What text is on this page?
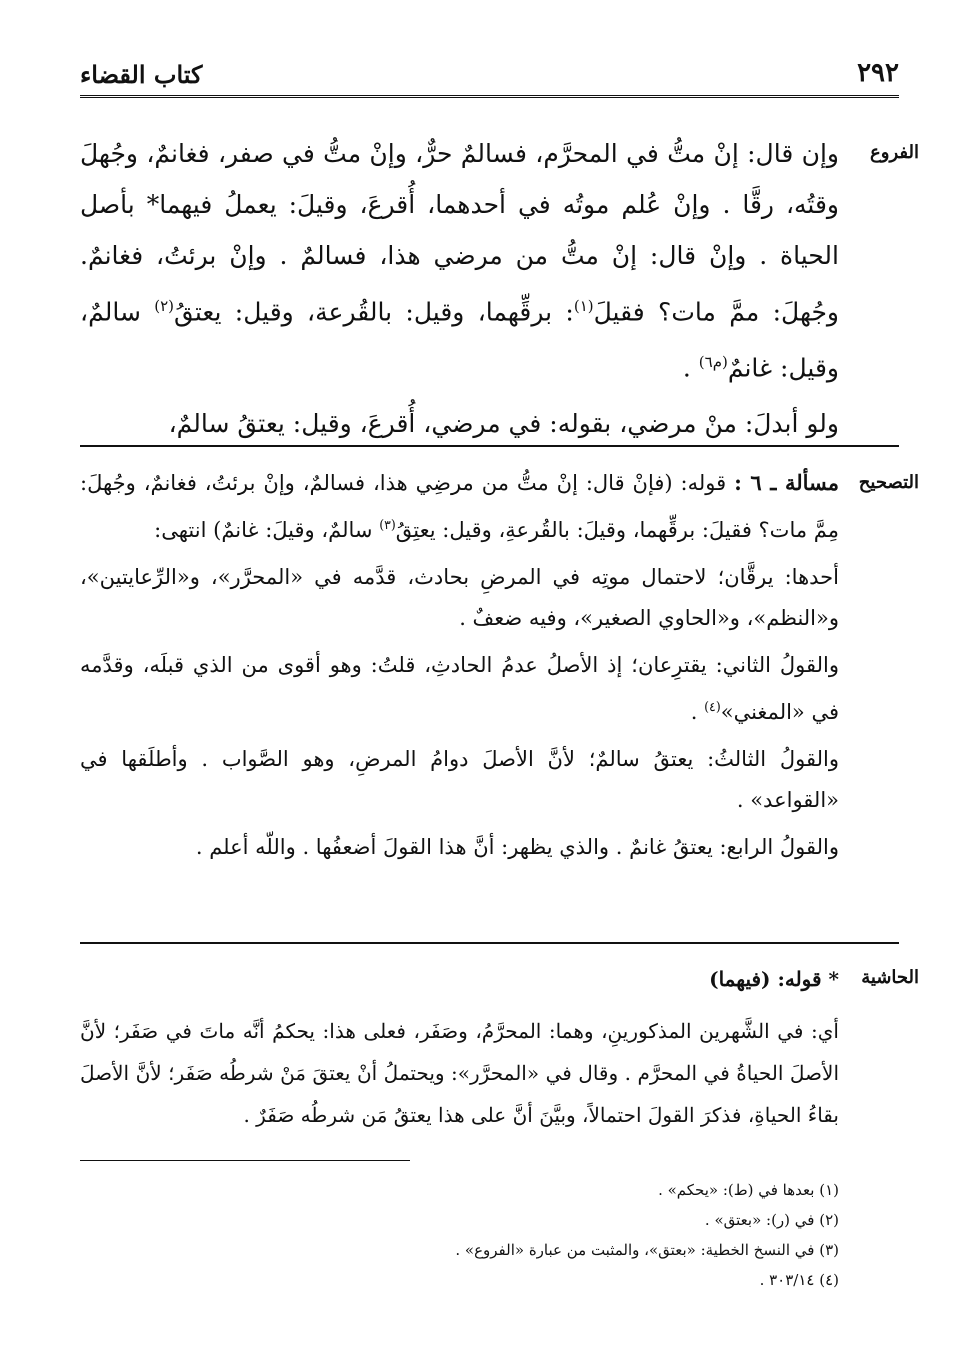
٢٩٢
كتاب القضاء
الفروع

وإن قال: إنْ متُّ في المحرَّم، فسالمٌ حرٌّ، وإنْ متُّ في صفر، فغانمٌ، وجُهلَ وقتُه، رقَّا . وإنْ عُلم موتُه في أحدهما، أُقرعَ، وقيلَ: يعملُ فيهما* بأصل الحياة . وإنْ قال: إنْ متُّ من مرضي هذا، فسالمٌ . وإنْ برئتُ، فغانمٌ. وجُهلَ: ممَّ مات؟ فقيلَ$^{(١)}$: برقِّهما، وقيل: بالقُرعة، وقيل: يعتقُ$^{(٢)}$ سالمٌ، وقيل: غانمٌ$^{(م٦)}$ .

ولو أبدلَ: منْ مرضي، بقوله: في مرضي، أُقرعَ، وقيل: يعتقُ سالمٌ،

التصحيح

مسألة ـ ٦ : قوله: (فإنْ قال: إنْ متُّ من مرضِي هذا، فسالمٌ، وإنْ برئتُ، فغانمٌ، وجُهلَ: مِمَّ مات؟ فقيلَ: برقِّهما، وقيلَ: بالقُرعةِ، وقيل: يعتِقُ$^{(٣)}$ سالمٌ، وقيلَ: غانمٌ) انتهى:

أحدها: يرقَّان؛ لاحتمال موتِه في المرضِ بحادث، قدَّمه في «المحرَّر»، و«الرِّعايتين»، و«النظم»، و«الحاوي الصغير»، وفيه ضعفٌ .

والقولُ الثاني: يقترِعان؛ إذ الأصلُ عدمُ الحادثِ، قلتُ: وهو أقوى من الذي قبلَه، وقدَّمه في «المغني»$^{(٤)}$ .

والقولُ الثالثُ: يعتقُ سالمٌ؛ لأنَّ الأصلَ دوامُ المرضِ، وهو الصَّواب . وأطلَقها في «القواعد» .

والقولُ الرابع: يعتقُ غانمٌ . والذي يظهر: أنَّ هذا القولَ أضعفُها . واللّه أعلم .

الحاشية

* قوله: (فيهما)

أي: في الشَّهرين المذكورينِ، وهما: المحرَّمُ، وصَفَر، فعلى هذا: يحكمُ أنَّه ماتَ في صَفَر؛ لأنَّ الأصلَ الحياةُ في المحرَّم . وقال في «المحرَّر»: ويحتملُ أنْ يعتقَ مَنْ شرطُه صَفَر؛ لأنَّ الأصلَ بقاءُ الحياةِ، فذكرَ القولَ احتمالاً، وبيَّنَ أنَّ على هذا يعتقُ مَن شرطُه صَفَرٌ .

(١) بعدها في (ط): «يحكم» .
(٢) في (ر): «بعتق» .
(٣) في النسخ الخطية: «بعتق»، والمثبت من عبارة «الفروع» .
(٤) ٣٠٣/١٤ .
